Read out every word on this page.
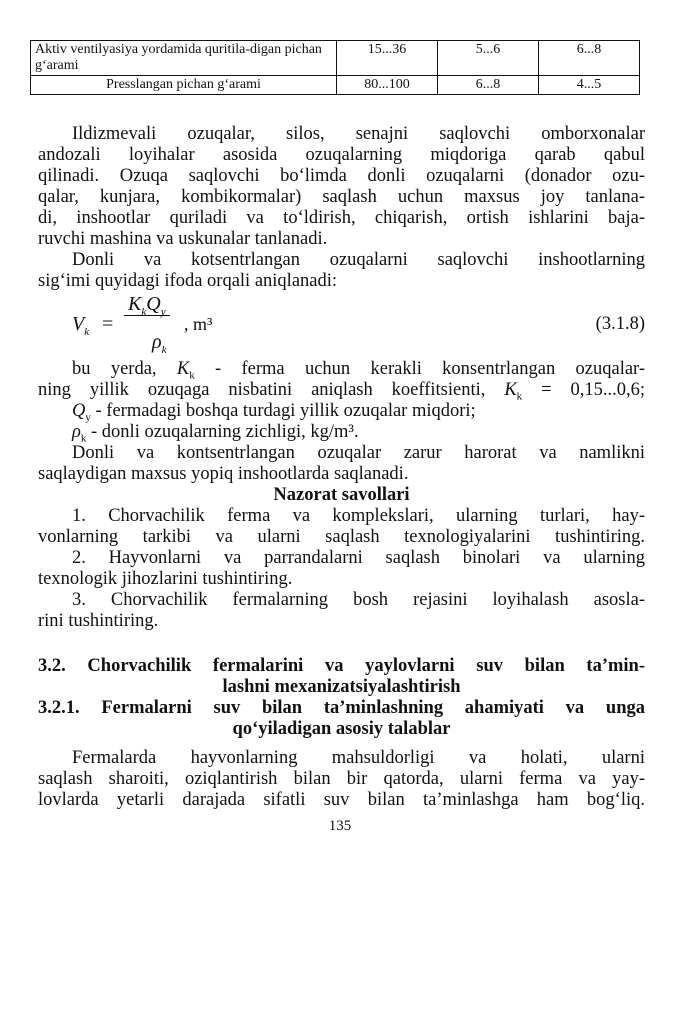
Aktiv ventilyasiya yordamida quritila-digan pichan g‘arami	15...36	5...6	6...8
Presslangan pichan g‘arami	80...100	6...8	4...5
Ildizmevali ozuqalar, silos, senajni saqlovchi omborxonalar
andozali loyihalar asosida ozuqalarning miqdoriga qarab qabul
qilinadi. Ozuqa saqlovchi bo‘limda donli ozuqalarni (donador ozu-
qalar, kunjara, kombikormalar) saqlash uchun maxsus joy tanlana-
di, inshootlar quriladi va to‘ldirish, chiqarish, ortish ishlarini baja-
ruvchi mashina va uskunalar tanlanadi.
Donli va kotsentrlangan ozuqalarni saqlovchi inshootlarning
sig‘imi quyidagi ifoda orqali aniqlanadi:
$V_k$ =
$K_kQ_y$
$\rho_k$
, m³	(3.1.8)
bu yerda, $K_k$ - ferma uchun kerakli konsentrlangan ozuqalar-
ning yillik ozuqaga nisbatini aniqlash koeffitsienti, $K_k = 0,15...0,6$;
$Q_y$ - fermadagi boshqa turdagi yillik ozuqalar miqdori;
$\rho_k$ - donli ozuqalarning zichligi, kg/m³.
Donli va kontsentrlangan ozuqalar zarur harorat va namlikni
saqlaydigan maxsus yopiq inshootlarda saqlanadi.
Nazorat savollari
1. Chorvachilik ferma va komplekslari, ularning turlari, hay-
vonlarning tarkibi va ularni saqlash texnologiyalarini tushintiring.
2. Hayvonlarni va parrandalarni saqlash binolari va ularning
texnologik jihozlarini tushintiring.
3. Chorvachilik fermalarning bosh rejasini loyihalash asosla-
rini tushintiring.
3.2. Chorvachilik fermalarini va yaylovlarni suv bilan ta’min-
lashni mexanizatsiyalashtirish
3.2.1. Fermalarni suv bilan ta’minlashning ahamiyati va unga
qo‘yiladigan asosiy talablar
Fermalarda hayvonlarning mahsuldorligi va holati, ularni
saqlash sharoiti, oziqlantirish bilan bir qatorda, ularni ferma va yay-
lovlarda yetarli darajada sifatli suv bilan ta’minlashga ham bog‘liq.
135
